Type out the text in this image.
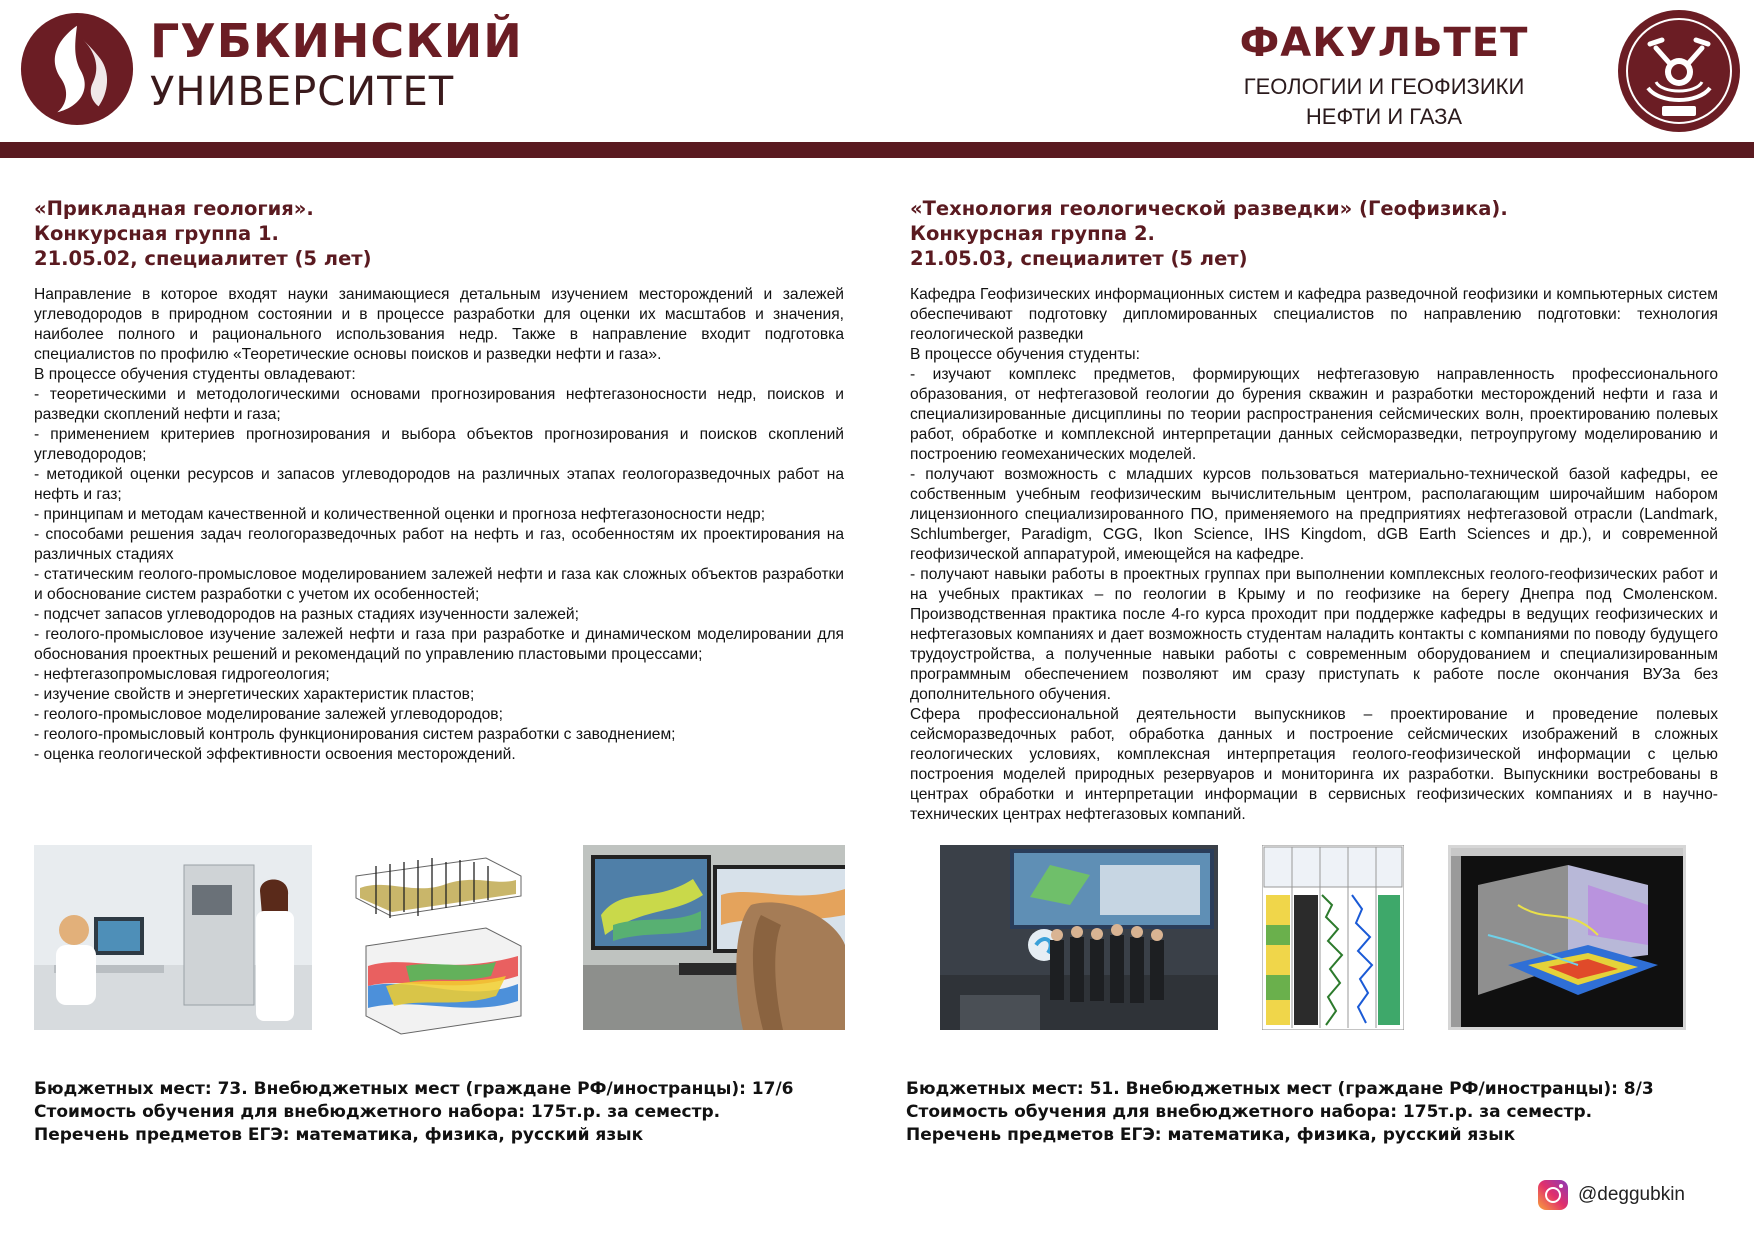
ГУБКИНСКИЙ
УНИВЕРСИТЕТ
ФАКУЛЬТЕТ
ГЕОЛОГИИ И ГЕОФИЗИКИ
НЕФТИ И ГАЗА
«Прикладная геология».
Конкурсная группа 1.
21.05.02, специалитет (5 лет)

Направление в которое входят науки занимающиеся детальным изучением месторождений и залежей углеводородов в природном состоянии и в процессе разработки для оценки их масштабов и значения, наиболее полного и рационального использования недр. Также в направление входит подготовка специалистов по профилю «Теоретические основы поисков и разведки нефти и газа».

В процессе обучения студенты овладевают:

- теоретическими и методологическими основами прогнозирования нефтегазоносности недр, поисков и разведки скоплений нефти и газа;

- применением критериев прогнозирования и выбора объектов прогнозирования и поисков скоплений углеводородов;

- методикой оценки ресурсов и запасов углеводородов на различных этапах геологоразведочных работ на нефть и газ;

- принципам и методам качественной и количественной оценки и прогноза нефтегазоносности недр;

- способами решения задач геологоразведочных работ на нефть и газ, особенностям их проектирования на различных стадиях

- статическим геолого-промысловое моделированием залежей нефти и газа как сложных объектов разработки и обоснование систем разработки с учетом их особенностей;

- подсчет запасов углеводородов на разных стадиях изученности залежей;

- геолого-промысловое изучение залежей нефти и газа при разработке и динамическом моделировании для обоснования проектных решений и рекомендаций по управлению пластовыми процессами;

- нефтегазопромысловая гидрогеология;

- изучение свойств и энергетических характеристик пластов;

- геолого-промысловое моделирование залежей углеводородов;

- геолого-промысловый контроль функционирования систем разработки с заводнением;

- оценка геологической эффективности освоения месторождений.

«Технология геологической разведки» (Геофизика).
Конкурсная группа 2.
21.05.03, специалитет (5 лет)

Кафедра Геофизических информационных систем и кафедра разведочной геофизики и компьютерных систем обеспечивают подготовку дипломированных специалистов по направлению подготовки: технология геологической разведки

В процессе обучения студенты:

- изучают комплекс предметов, формирующих нефтегазовую направленность профессионального образования, от нефтегазовой геологии до бурения скважин и разработки месторождений нефти и газа и специализированные дисциплины по теории распространения сейсмических волн, проектированию полевых работ, обработке и комплексной интерпретации данных сейсморазведки, петроупругому моделированию и построению геомеханических моделей.

- получают возможность с младших курсов пользоваться материально-технической базой кафедры, ее собственным учебным геофизическим вычислительным центром, располагающим широчайшим набором лицензионного специализированного ПО, применяемого на предприятиях нефтегазовой отрасли (Landmark, Schlumberger, Paradigm, CGG, Ikon Science, IHS Kingdom, dGB Earth Sciences и др.), и современной геофизической аппаратурой, имеющейся на кафедре.

- получают навыки работы в проектных группах при выполнении комплексных геолого-геофизических работ и на учебных практиках – по геологии в Крыму и по геофизике на берегу Днепра под Смоленском. Производственная практика после 4-го курса проходит при поддержке кафедры в ведущих геофизических и нефтегазовых компаниях и дает возможность студентам наладить контакты с компаниями по поводу будущего трудоустройства, а полученные навыки работы с современным оборудованием и специализированным программным обеспечением позволяют им сразу приступать к работе после окончания ВУЗа без дополнительного обучения.

Сфера профессиональной деятельности выпускников – проектирование и проведение полевых сейсморазведочных работ, обработка данных и построение сейсмических изображений в сложных геологических условиях, комплексная интерпретация геолого-геофизической информации с целью построения моделей природных резервуаров и мониторинга их разработки. Выпускники востребованы в центрах обработки и интерпретации информации в сервисных геофизических компаниях и в научно-технических центрах нефтегазовых компаний.

Бюджетных мест: 73. Внебюджетных мест (граждане РФ/иностранцы): 17/6
Стоимость обучения для внебюджетного набора: 175т.р. за семестр.
Перечень предметов ЕГЭ: математика, физика, русский язык
Бюджетных мест: 51. Внебюджетных мест (граждане РФ/иностранцы): 8/3
Стоимость обучения для внебюджетного набора: 175т.р. за семестр.
Перечень предметов ЕГЭ: математика, физика, русский язык
@deggubkin
